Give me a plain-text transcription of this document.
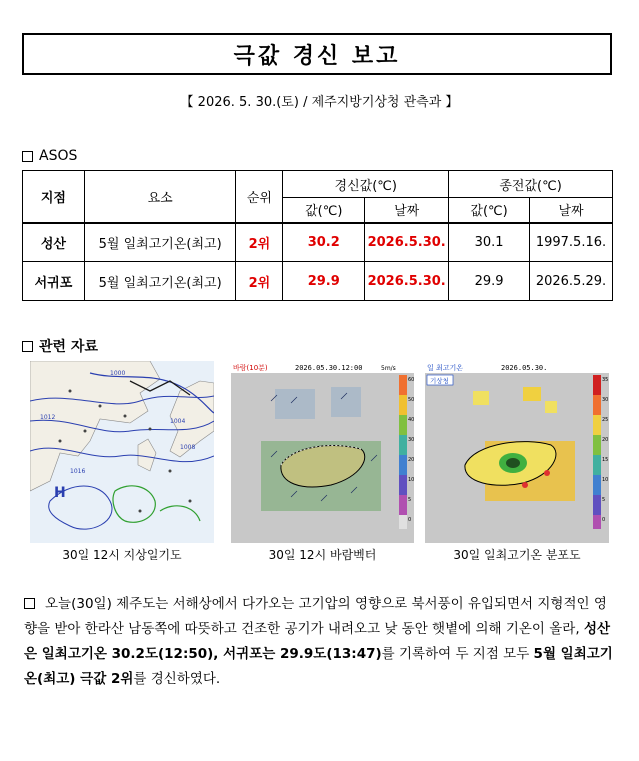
극값 경신 보고
【 2026. 5. 30.(토) / 제주지방기상청 관측과 】
ASOS
지점	요소	순위	경신값(℃)		종전값(℃)	
			값(℃)	날짜	값(℃)	날짜
성산	5월 일최고기온(최고)	2위	30.2	2026.5.30.	30.1	1997.5.16.
서귀포	5월 일최고기온(최고)	2위	29.9	2026.5.30.	29.9	2026.5.29.
관련 자료
H
1004
1008
1012
1000
1016
30일 12시 지상일기도
바람(10분)	2026.05.30.12:00	5m/s
60
50
40
30
20
10
5
0
30일 12시 바람벡터
일 최고기온	2026.05.30.
기상청	35
30
25
20
15
10
5
0
30일 일최고기온 분포도
오늘(30일) 제주도는 서해상에서 다가오는 고기압의 영향으로 북서풍이 유입되면서 지형적인 영향을 받아 한라산 남동쪽에 따뜻하고 건조한 공기가 내려오고 낮 동안 햇볕에 의해 기온이 올라, 성산은 일최고기온 30.2도(12:50), 서귀포는 29.9도(13:47)를 기록하여 두 지점 모두 5월 일최고기온(최고) 극값 2위를 경신하였다.
